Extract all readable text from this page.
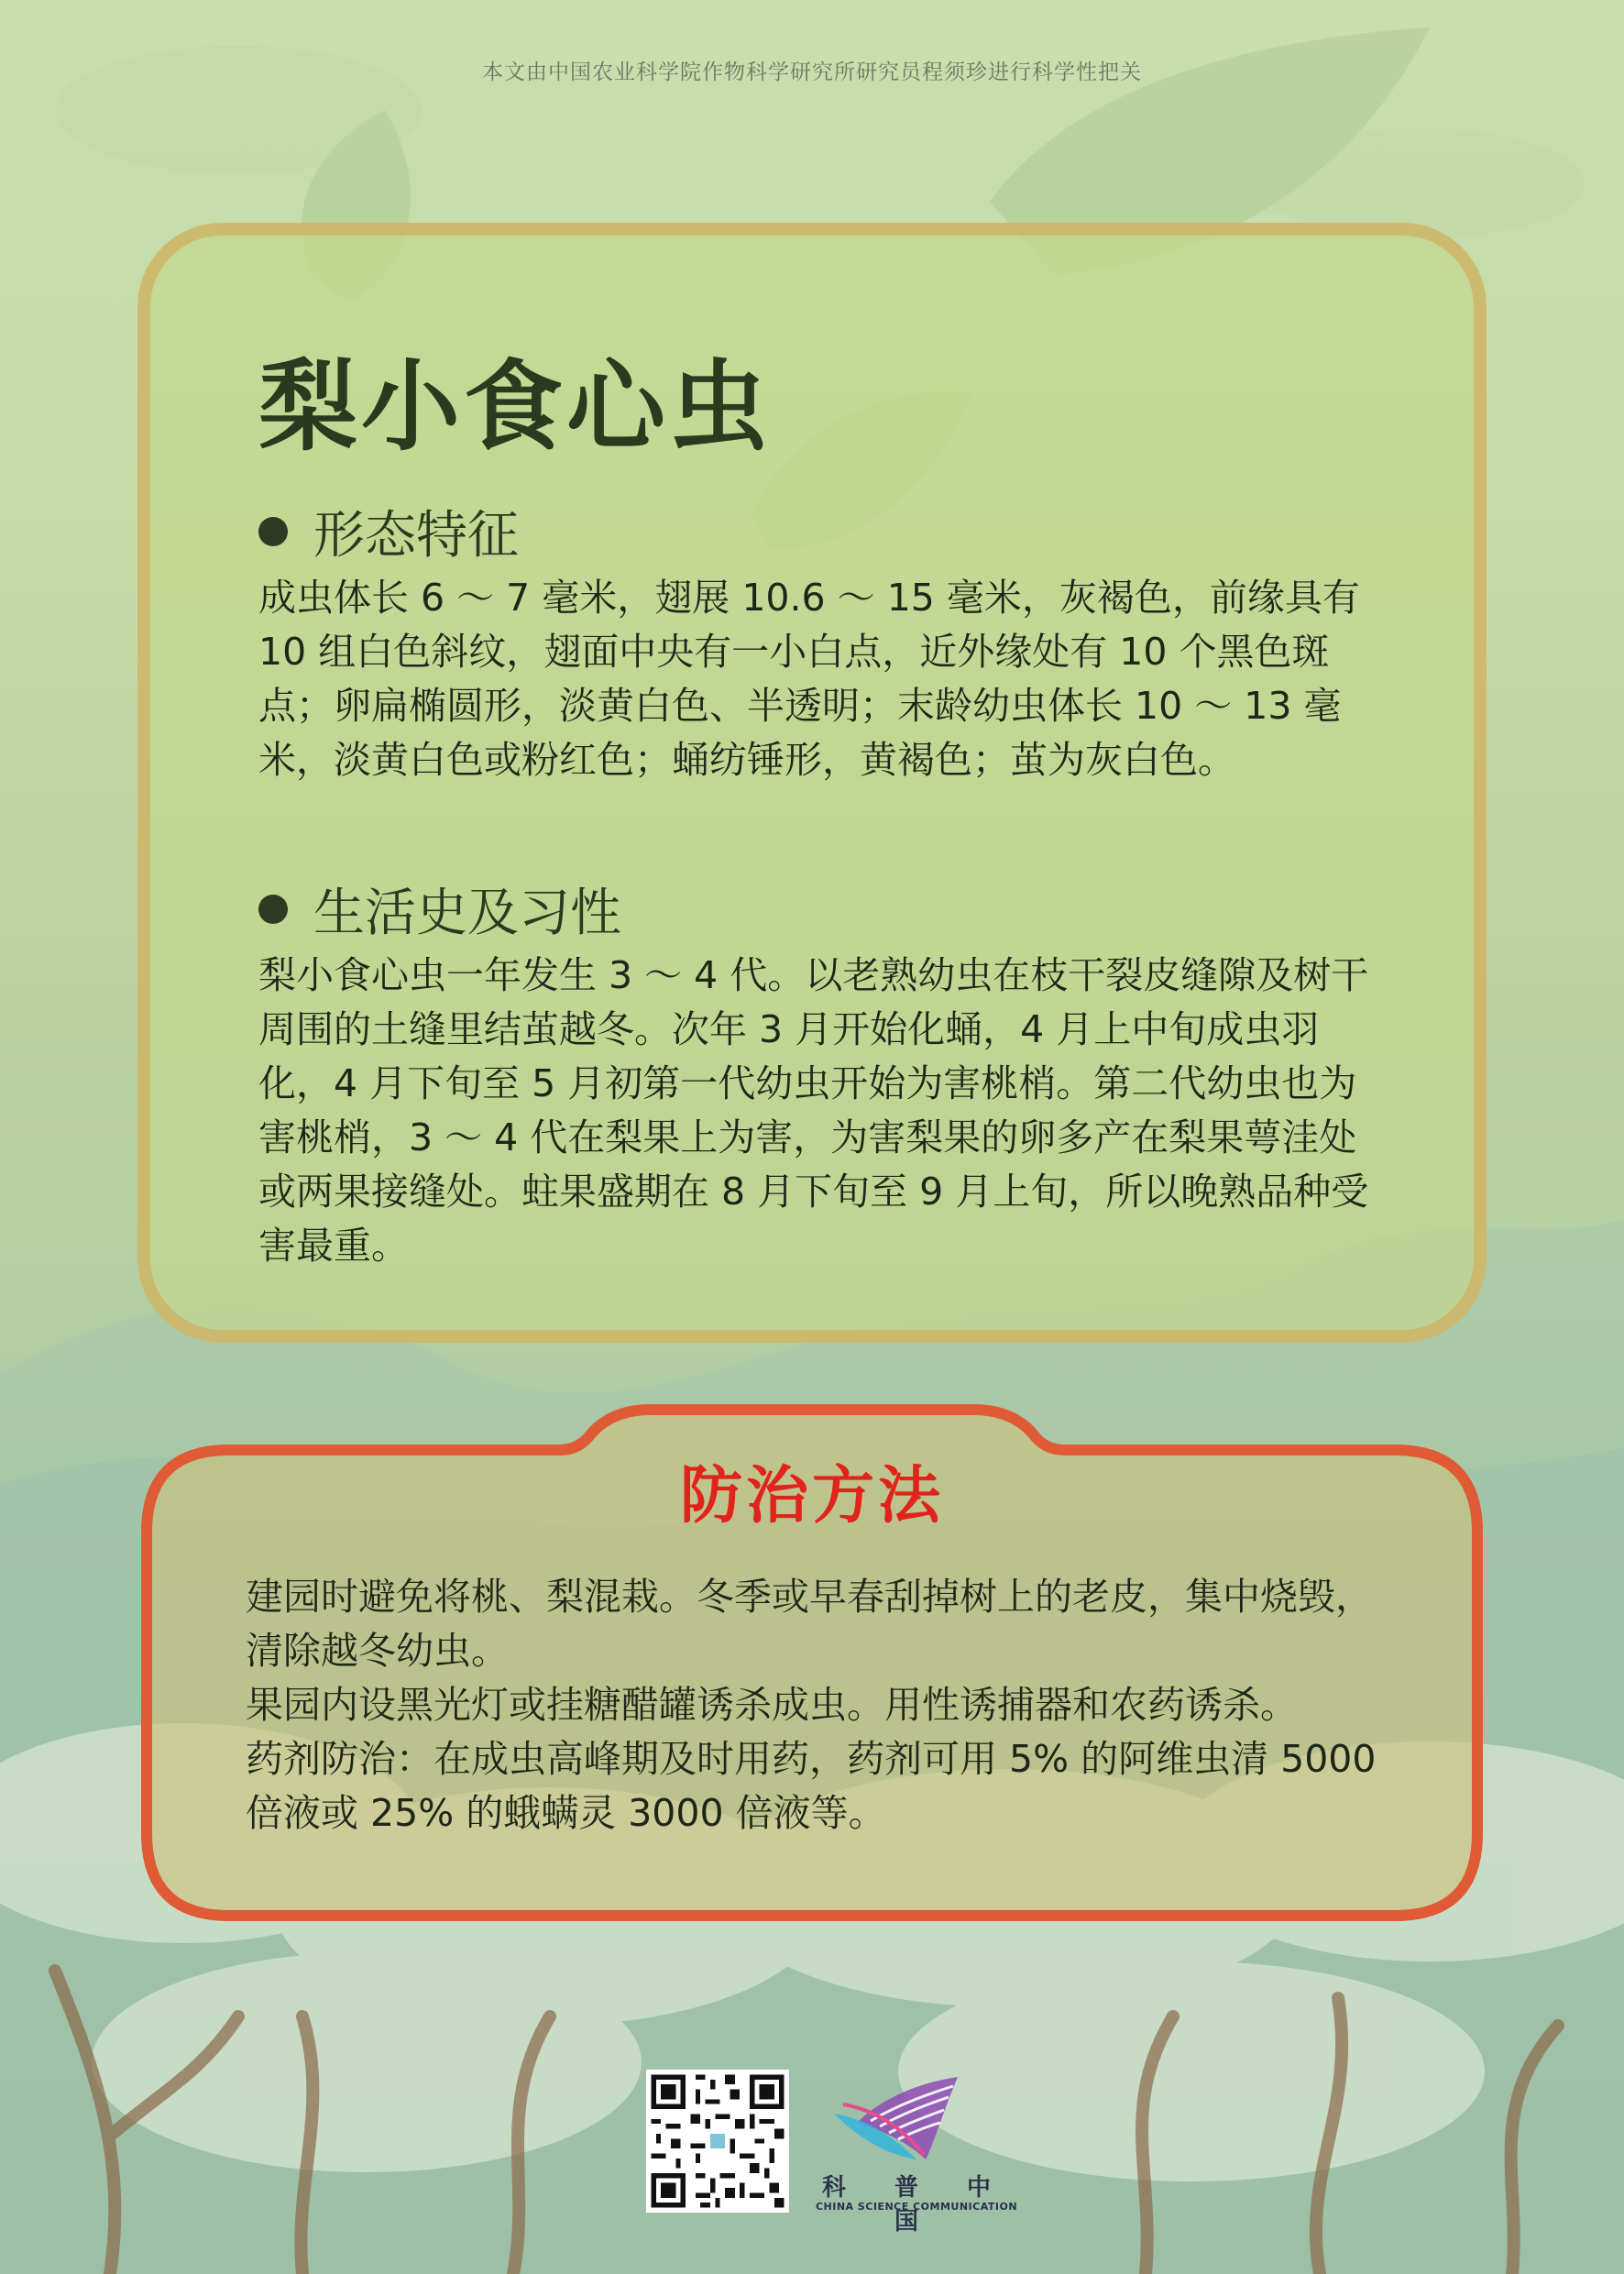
本文由中国农业科学院作物科学研究所研究员程须珍进行科学性把关
梨小食心虫
形态特征

成虫体长 6 ～ 7 毫米，翅展 10.6 ～ 15 毫米，灰褐色，前缘具有 10 组白色斜纹，翅面中央有一小白点，近外缘处有 10 个黑色斑点；卵扁椭圆形，淡黄白色、半透明；末龄幼虫体长 10 ～ 13 毫米，淡黄白色或粉红色；蛹纺锤形，黄褐色；茧为灰白色。

生活史及习性

梨小食心虫一年发生 3 ～ 4 代。以老熟幼虫在枝干裂皮缝隙及树干周围的土缝里结茧越冬。次年 3 月开始化蛹，4 月上中旬成虫羽化，4 月下旬至 5 月初第一代幼虫开始为害桃梢。第二代幼虫也为害桃梢，3 ～ 4 代在梨果上为害，为害梨果的卵多产在梨果萼洼处或两果接缝处。蛀果盛期在 8 月下旬至 9 月上旬，所以晚熟品种受害最重。

防治方法

建园时避免将桃、梨混栽。冬季或早春刮掉树上的老皮，集中烧毁，清除越冬幼虫。

果园内设黑光灯或挂糖醋罐诱杀成虫。用性诱捕器和农药诱杀。

药剂防治：在成虫高峰期及时用药，药剂可用 5% 的阿维虫清 5000 倍液或 25% 的蛾螨灵 3000 倍液等。

科 普 中 国
CHINA SCIENCE COMMUNICATION
